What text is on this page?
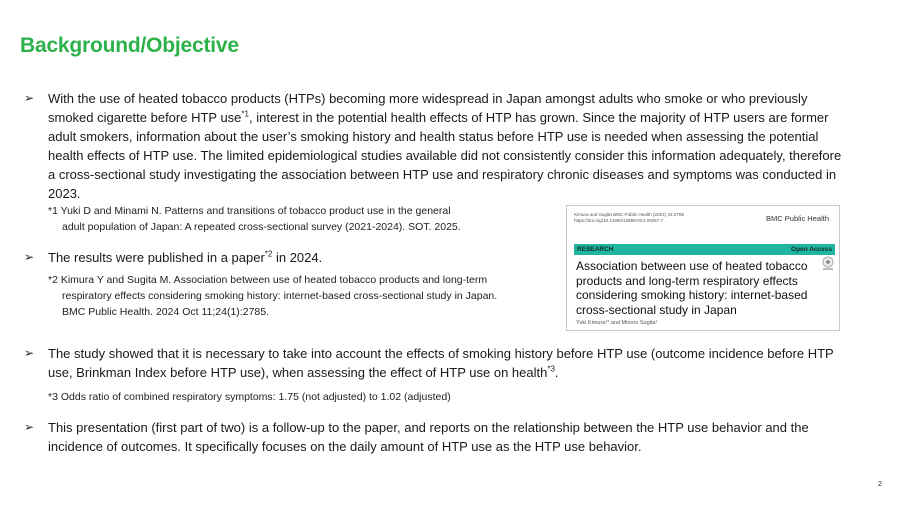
Background/Objective
➢ With the use of heated tobacco products (HTPs) becoming more widespread in Japan amongst adults who smoke or who previously smoked cigarette before HTP use$^{*1}$, interest in the potential health effects of HTP has grown. Since the majority of HTP users are former adult smokers, information about the user’s smoking history and health status before HTP use is needed when assessing the potential health effects of HTP use. The limited epidemiological studies available did not consistently consider this information adequately, therefore a cross-sectional study investigating the association between HTP use and respiratory chronic diseases and symptoms was conducted in 2023.
*1 Yuki D and Minami N. Patterns and transitions of tobacco product use in the general
adult population of Japan: A repeated cross-sectional survey (2021-2024). SOT. 2025.
➢ The results were published in a paper$^{*2}$ in 2024.
*2 Kimura Y and Sugita M. Association between use of heated tobacco products and long-term
respiratory effects considering smoking history: internet-based cross-sectional study in Japan.
BMC Public Health. 2024 Oct 11;24(1):2785.
Kimura and Sugita BMC Public Health (2024) 24:2785
https://doi.org/10.1186/s12889-024-20257-7	BMC Public Health
RESEARCH	Open Access
Association between use of heated tobacco products and long-term respiratory effects considering smoking history: internet-based cross-sectional study in Japan
Yuki Kimura¹* and Minoru Sugita²
➢ The study showed that it is necessary to take into account the effects of smoking history before HTP use (outcome incidence before HTP use, Brinkman Index before HTP use), when assessing the effect of HTP use on health$^{*3}$.
*3 Odds ratio of combined respiratory symptoms: 1.75 (not adjusted) to 1.02 (adjusted)
➢ This presentation (first part of two) is a follow-up to the paper, and reports on the relationship between the HTP use behavior and the incidence of outcomes. It specifically focuses on the daily amount of HTP use as the HTP use behavior.
2
